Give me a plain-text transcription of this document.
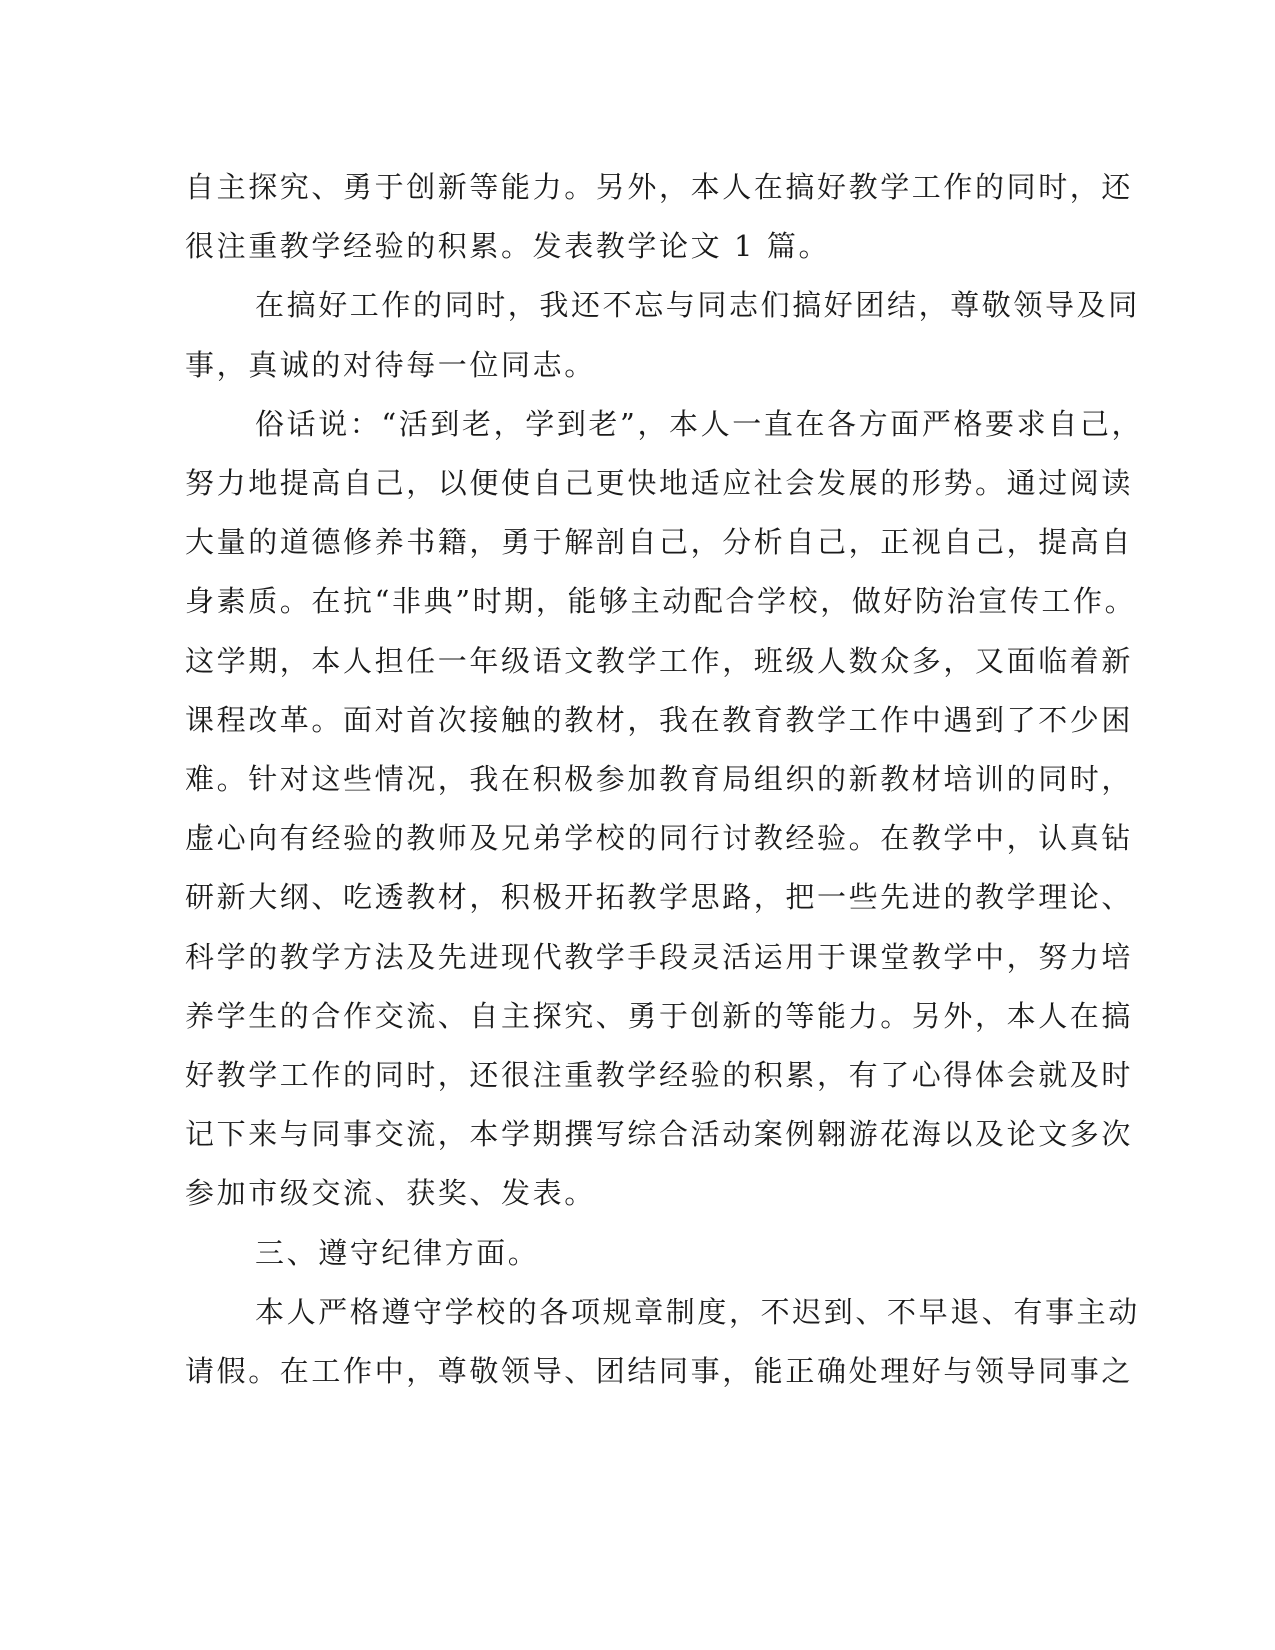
自主探究、勇于创新等能力。另外，本人在搞好教学工作的同时，还
很注重教学经验的积累。发表教学论文 1 篇。

在搞好工作的同时，我还不忘与同志们搞好团结，尊敬领导及同
事，真诚的对待每一位同志。

俗话说：“活到老，学到老”，本人一直在各方面严格要求自己，
努力地提高自己，以便使自己更快地适应社会发展的形势。通过阅读
大量的道德修养书籍，勇于解剖自己，分析自己，正视自己，提高自
身素质。在抗“非典”时期，能够主动配合学校，做好防治宣传工作。
这学期，本人担任一年级语文教学工作，班级人数众多，又面临着新
课程改革。面对首次接触的教材，我在教育教学工作中遇到了不少困
难。针对这些情况，我在积极参加教育局组织的新教材培训的同时，
虚心向有经验的教师及兄弟学校的同行讨教经验。在教学中，认真钻
研新大纲、吃透教材，积极开拓教学思路，把一些先进的教学理论、
科学的教学方法及先进现代教学手段灵活运用于课堂教学中，努力培
养学生的合作交流、自主探究、勇于创新的等能力。另外，本人在搞
好教学工作的同时，还很注重教学经验的积累，有了心得体会就及时
记下来与同事交流，本学期撰写综合活动案例翱游花海以及论文多次
参加市级交流、获奖、发表。

三、遵守纪律方面。

本人严格遵守学校的各项规章制度，不迟到、不早退、有事主动
请假。在工作中，尊敬领导、团结同事，能正确处理好与领导同事之
